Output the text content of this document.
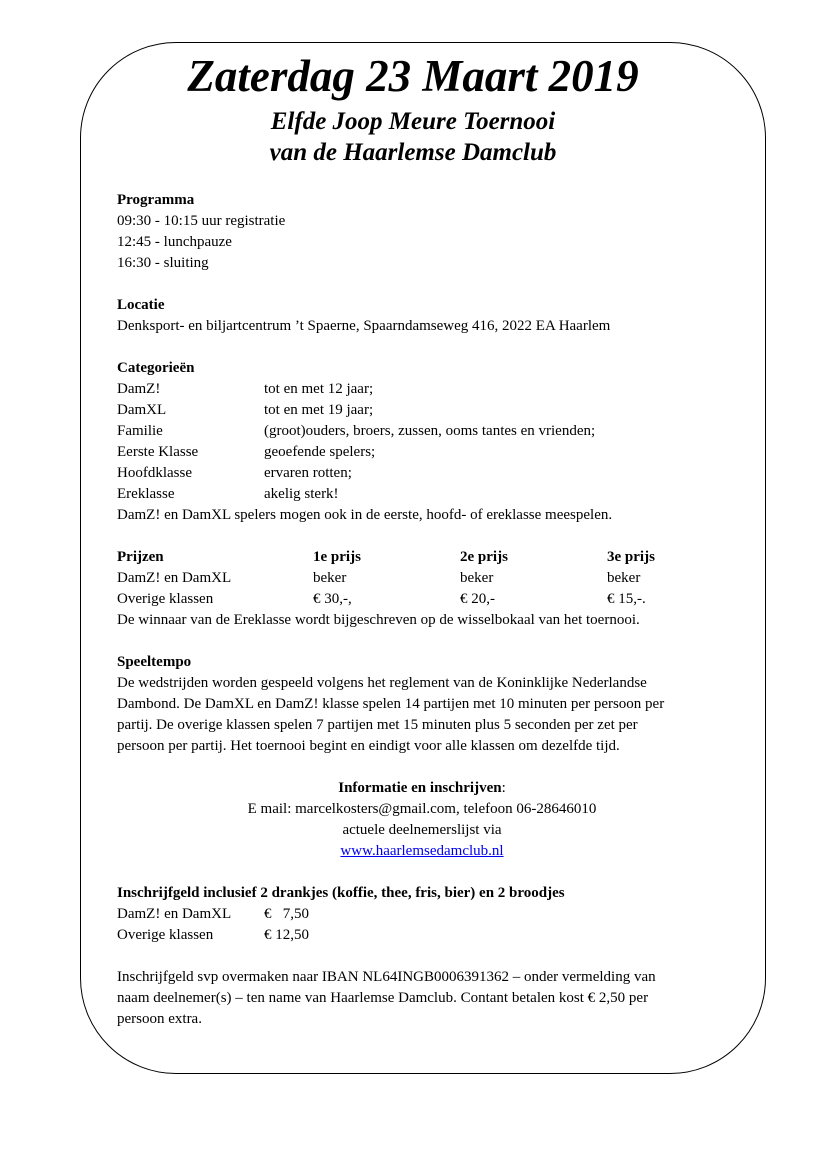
Zaterdag 23 Maart 2019

Elfde Joop Meure Toernooi

van de Haarlemse Damclub

Programma
09:30 - 10:15 uur registratie
12:45 - lunchpauze
16:30 - sluiting
Locatie
Denksport- en biljartcentrum ’t Spaerne, Spaarndamseweg 416, 2022 EA Haarlem
Categorieën
DamZ!	tot en met 12 jaar;
DamXL	tot en met 19 jaar;
Familie	(groot)ouders, broers, zussen, ooms tantes en vrienden;
Eerste Klasse	geoefende spelers;
Hoofdklasse	ervaren rotten;
Ereklasse	akelig sterk!
DamZ! en DamXL spelers mogen ook in de eerste, hoofd- of ereklasse meespelen.
Prijzen	1e prijs	2e prijs	3e prijs
DamZ! en DamXL	beker	beker	beker
Overige klassen	€ 30,-,	€ 20,-	€ 15,-.
De winnaar van de Ereklasse wordt bijgeschreven op de wisselbokaal van het toernooi.
Speeltempo
De wedstrijden worden gespeeld volgens het reglement van de Koninklijke Nederlandse
Dambond. De DamXL en DamZ! klasse spelen 14 partijen met 10 minuten per persoon per
partij. De overige klassen spelen 7 partijen met 15 minuten plus 5 seconden per zet per
persoon per partij. Het toernooi begint en eindigt voor alle klassen om dezelfde tijd.
Informatie en inschrijven:
E mail: marcelkosters@gmail.com, telefoon 06-28646010
actuele deelnemerslijst via
www.haarlemsedamclub.nl
Inschrijfgeld inclusief 2 drankjes (koffie, thee, fris, bier) en 2 broodjes
DamZ! en DamXL €   7,50
Overige klassen	€ 12,50
Inschrijfgeld svp overmaken naar IBAN NL64INGB0006391362 – onder vermelding van
naam deelnemer(s) – ten name van Haarlemse Damclub. Contant betalen kost € 2,50 per
persoon extra.
